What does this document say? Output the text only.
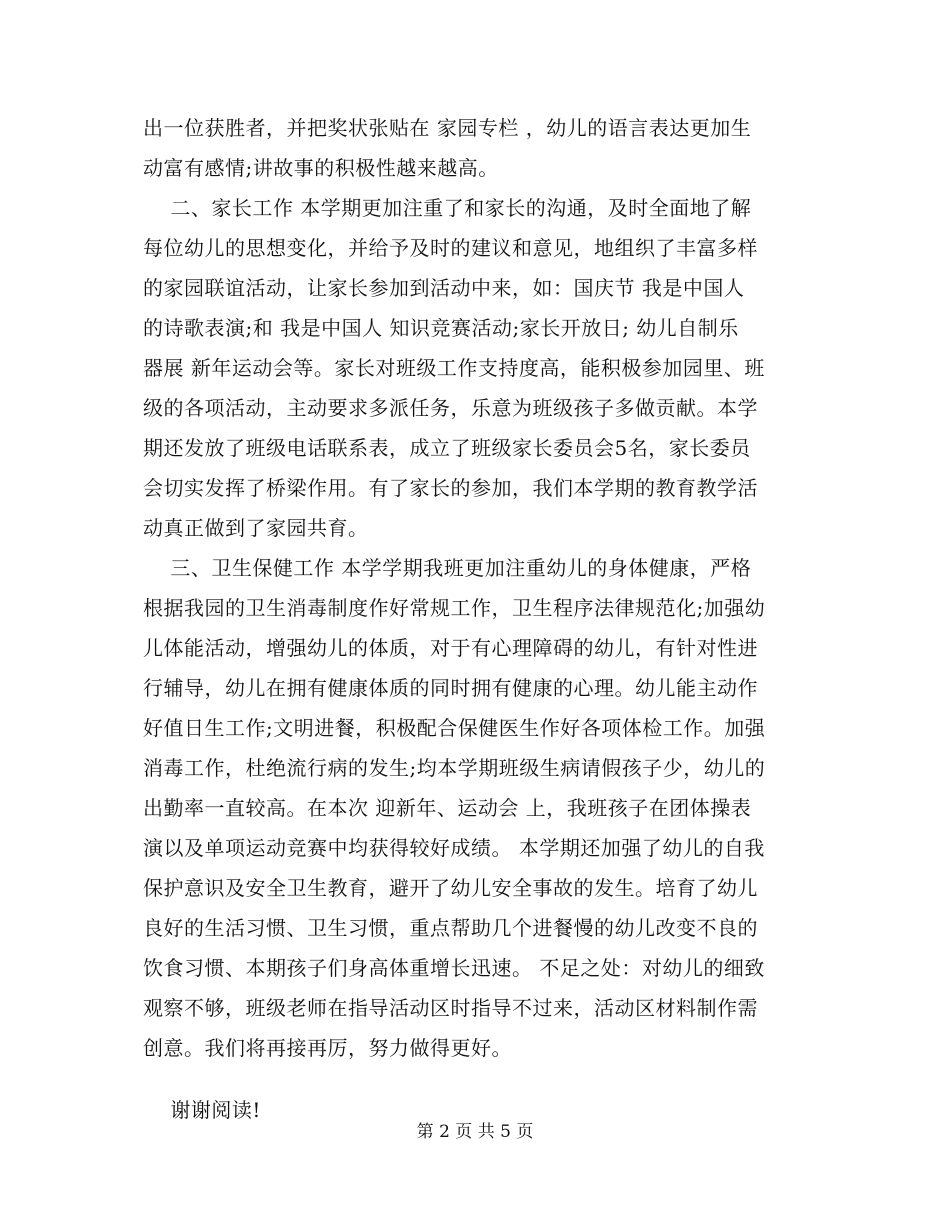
出一位获胜者，并把奖状张贴在 家园专栏 ，幼儿的语言表达更加生
动富有感情;讲故事的积极性越来越高。
二、家长工作 本学期更加注重了和家长的沟通，及时全面地了解
每位幼儿的思想变化，并给予及时的建议和意见，地组织了丰富多样
的家园联谊活动，让家长参加到活动中来，如：国庆节 我是中国人
的诗歌表演;和 我是中国人 知识竞赛活动;家长开放日; 幼儿自制乐
器展 新年运动会等。家长对班级工作支持度高，能积极参加园里、班
级的各项活动，主动要求多派任务，乐意为班级孩子多做贡献。本学
期还发放了班级电话联系表，成立了班级家长委员会5名，家长委员
会切实发挥了桥梁作用。有了家长的参加，我们本学期的教育教学活
动真正做到了家园共育。
三、卫生保健工作 本学学期我班更加注重幼儿的身体健康，严格
根据我园的卫生消毒制度作好常规工作，卫生程序法律规范化;加强幼
儿体能活动，增强幼儿的体质，对于有心理障碍的幼儿，有针对性进
行辅导，幼儿在拥有健康体质的同时拥有健康的心理。幼儿能主动作
好值日生工作;文明进餐，积极配合保健医生作好各项体检工作。加强
消毒工作，杜绝流行病的发生;均本学期班级生病请假孩子少，幼儿的
出勤率一直较高。在本次 迎新年、运动会 上，我班孩子在团体操表
演以及单项运动竞赛中均获得较好成绩。 本学期还加强了幼儿的自我
保护意识及安全卫生教育，避开了幼儿安全事故的发生。培育了幼儿
良好的生活习惯、卫生习惯，重点帮助几个进餐慢的幼儿改变不良的
饮食习惯、本期孩子们身高体重增长迅速。 不足之处：对幼儿的细致
观察不够，班级老师在指导活动区时指导不过来，活动区材料制作需
创意。我们将再接再厉，努力做得更好。
谢谢阅读!
第 2 页 共 5 页
